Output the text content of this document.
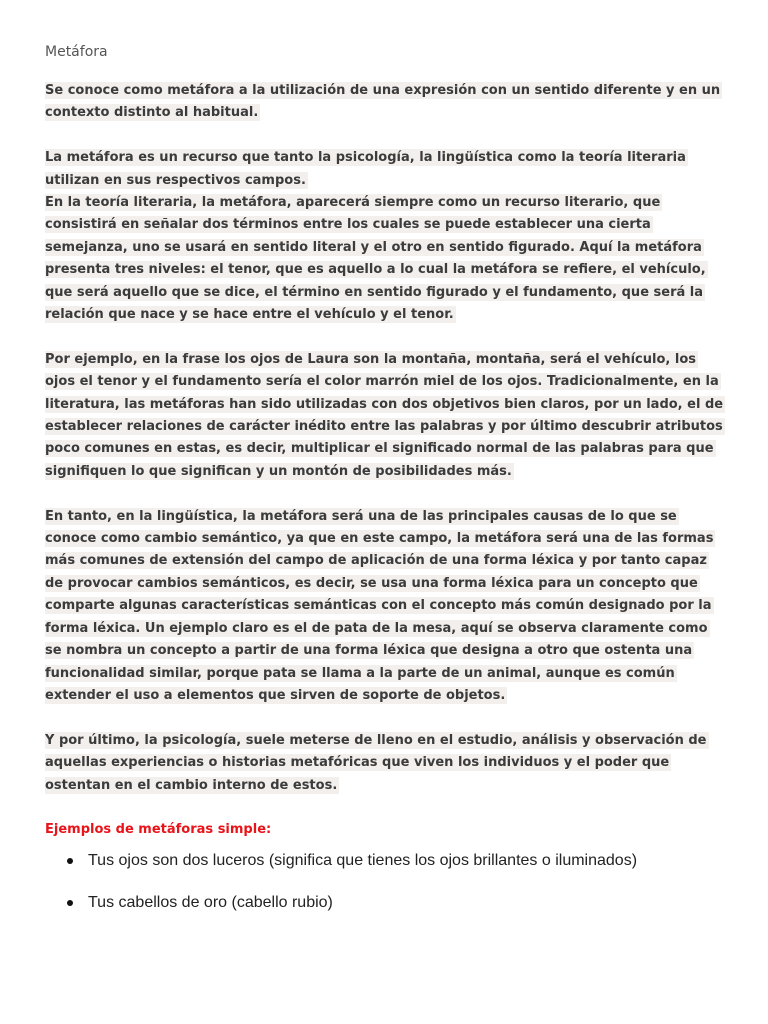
Metáfora
Se conoce como metáfora a la utilización de una expresión con un sentido diferente y en un contexto distinto al habitual.
La metáfora es un recurso que tanto la psicología, la lingüística como la teoría literaria utilizan en sus respectivos campos.
En la teoría literaria, la metáfora, aparecerá siempre como un recurso literario, que consistirá en señalar dos términos entre los cuales se puede establecer una cierta semejanza, uno se usará en sentido literal y el otro en sentido figurado. Aquí la metáfora presenta tres niveles: el tenor, que es aquello a lo cual la metáfora se refiere, el vehículo, que será aquello que se dice, el término en sentido figurado y el fundamento, que será la relación que nace y se hace entre el vehículo y el tenor.
Por ejemplo, en la frase los ojos de Laura son la montaña, montaña, será el vehículo, los ojos el tenor y el fundamento sería el color marrón miel de los ojos. Tradicionalmente, en la literatura, las metáforas han sido utilizadas con dos objetivos bien claros, por un lado, el de establecer relaciones de carácter inédito entre las palabras y por último descubrir atributos poco comunes en estas, es decir, multiplicar el significado normal de las palabras para que signifiquen lo que significan y un montón de posibilidades más.
En tanto, en la lingüística, la metáfora será una de las principales causas de lo que se conoce como cambio semántico, ya que en este campo, la metáfora será una de las formas más comunes de extensión del campo de aplicación de una forma léxica y por tanto capaz de provocar cambios semánticos, es decir, se usa una forma léxica para un concepto que comparte algunas características semánticas con el concepto más común designado por la forma léxica. Un ejemplo claro es el de pata de la mesa, aquí se observa claramente como se nombra un concepto a partir de una forma léxica que designa a otro que ostenta una funcionalidad similar, porque pata se llama a la parte de un animal, aunque es común extender el uso a elementos que sirven de soporte de objetos.
Y por último, la psicología, suele meterse de lleno en el estudio, análisis y observación de aquellas experiencias o historias metafóricas que viven los individuos y el poder que ostentan en el cambio interno de estos.
Ejemplos de metáforas simple:
Tus ojos son dos luceros (significa que tienes los ojos brillantes o iluminados)
Tus cabellos de oro (cabello rubio)
